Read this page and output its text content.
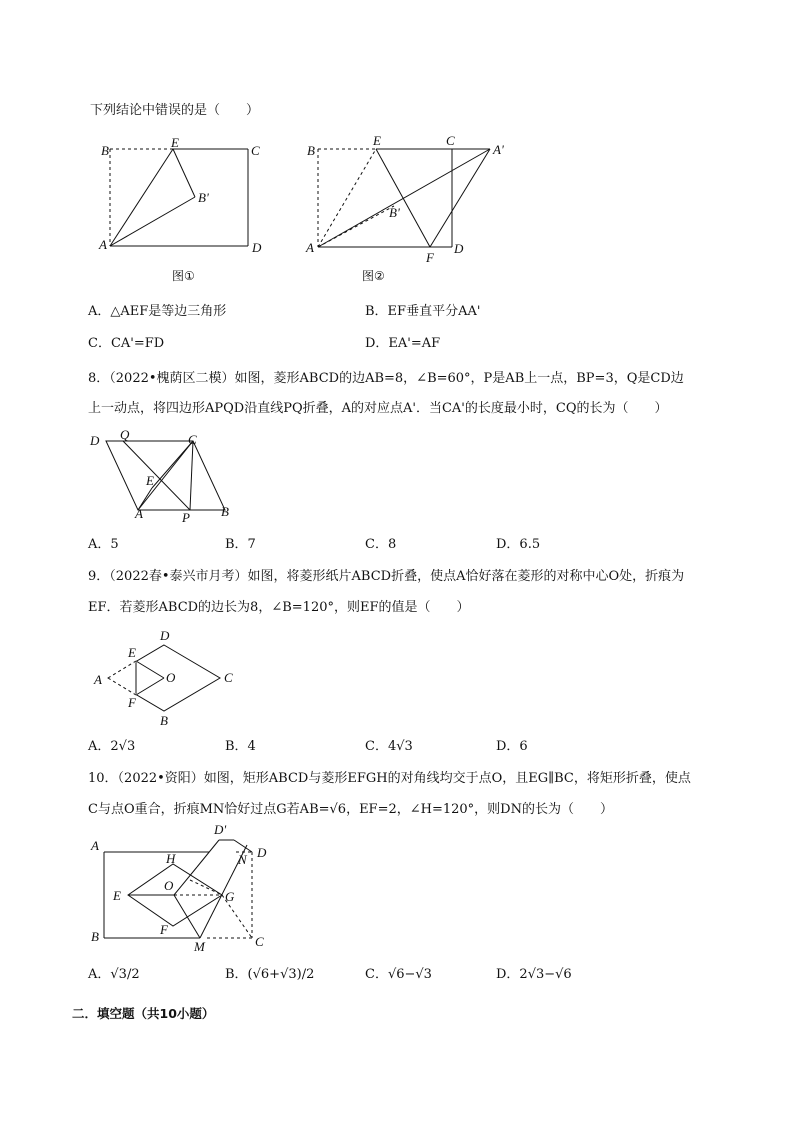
下列结论中错误的是（　　）
B
E
C
B'
A	D
图①
B
E	C
A'
B'
A
F
D
图②
A．△AEF是等边三角形	B．EF垂直平分AA'
C．CA'=FD	D．EA'=AF
8．（2022•槐荫区二模）如图，菱形ABCD的边AB=8，∠B=60°，P是AB上一点，BP=3，Q是CD边
上一动点，将四边形APQD沿直线PQ折叠，A的对应点A'．当CA'的长度最小时，CQ的长为（　　）
D Q	C
E
A	P B
A．5	B．7	C．8	D．6.5
9．（2022春•泰兴市月考）如图，将菱形纸片ABCD折叠，使点A恰好落在菱形的对称中心O处，折痕为
EF．若菱形ABCD的边长为8，∠B=120°，则EF的值是（　　）
D
E
A	O	C
F
B
A．2√3	B．4	C．4√3	D．6
10．（2022•资阳）如图，矩形ABCD与菱形EFGH的对角线均交于点O，且EG∥BC，将矩形折叠，使点
C与点O重合，折痕MN恰好过点G若AB=√6，EF=2，∠H=120°，则DN的长为（　　）
A
D'
H	N D
E
O
G
B	F
M	C
A．√3/2	B．(√6+√3)/2	C．√6−√3	D．2√3−√6
二．填空题（共10小题）
